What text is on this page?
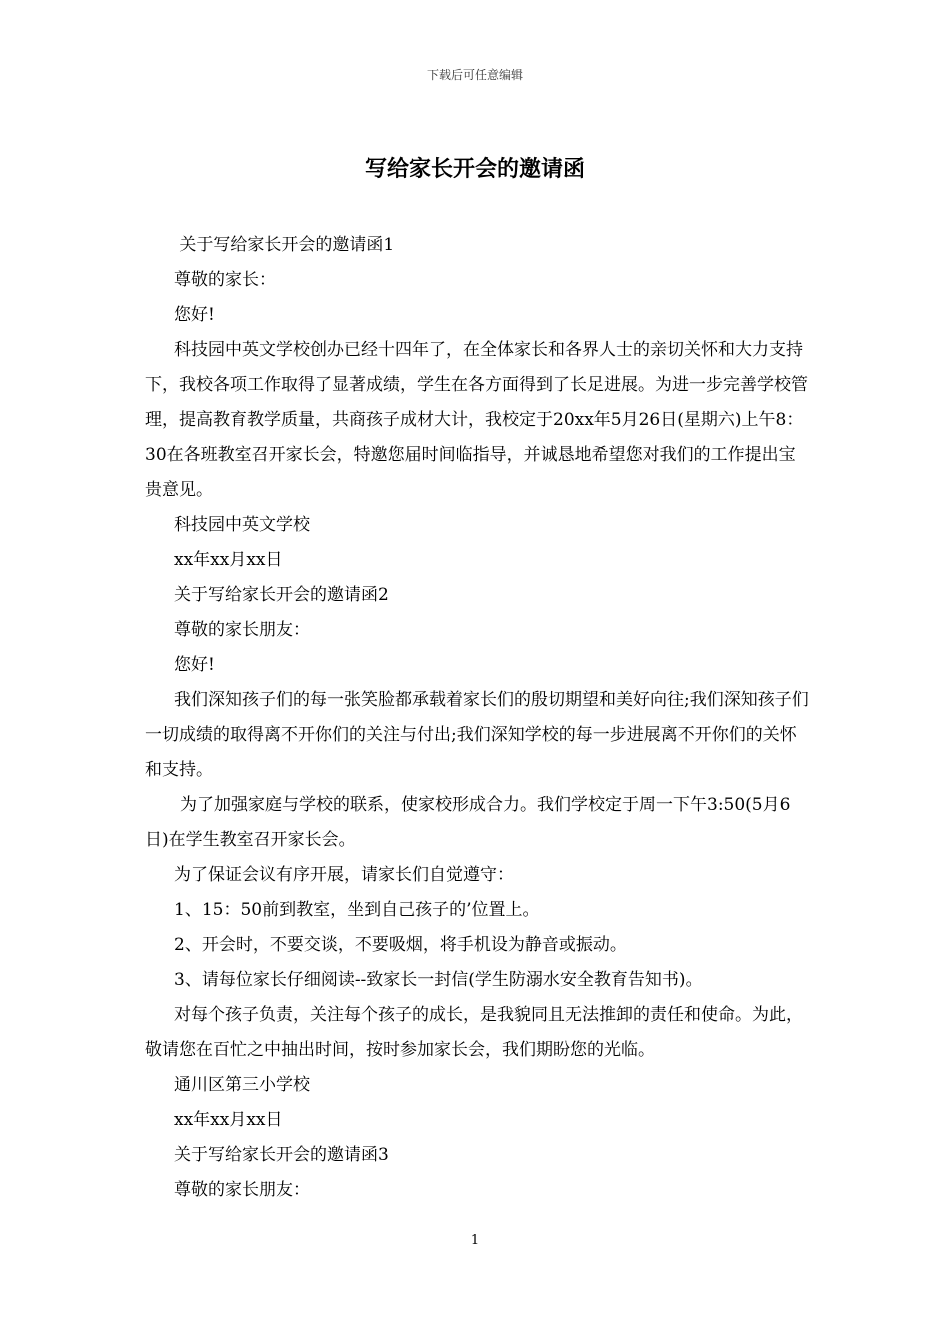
下载后可任意编辑
写给家长开会的邀请函

关于写给家长开会的邀请函1

尊敬的家长：

您好!

科技园中英文学校创办已经十四年了，在全体家长和各界人士的亲切关怀和大力支持下，我校各项工作取得了显著成绩，学生在各方面得到了长足进展。为进一步完善学校管理，提高教育教学质量，共商孩子成材大计，我校定于20xx年5月26日(星期六)上午8：30在各班教室召开家长会，特邀您届时间临指导，并诚恳地希望您对我们的工作提出宝贵意见。

科技园中英文学校

xx年xx月xx日

关于写给家长开会的邀请函2

尊敬的家长朋友：

您好!

我们深知孩子们的每一张笑脸都承载着家长们的殷切期望和美好向往;我们深知孩子们一切成绩的取得离不开你们的关注与付出;我们深知学校的每一步进展离不开你们的关怀和支持。

为了加强家庭与学校的联系，使家校形成合力。我们学校定于周一下午3:50(5月6日)在学生教室召开家长会。

为了保证会议有序开展，请家长们自觉遵守：

1、15：50前到教室，坐到自己孩子的’位置上。

2、开会时，不要交谈，不要吸烟，将手机设为静音或振动。

3、请每位家长仔细阅读--致家长一封信(学生防溺水安全教育告知书)。

对每个孩子负责，关注每个孩子的成长，是我貌同且无法推卸的责任和使命。为此，敬请您在百忙之中抽出时间，按时参加家长会，我们期盼您的光临。

通川区第三小学校

xx年xx月xx日

关于写给家长开会的邀请函3

尊敬的家长朋友：

1
